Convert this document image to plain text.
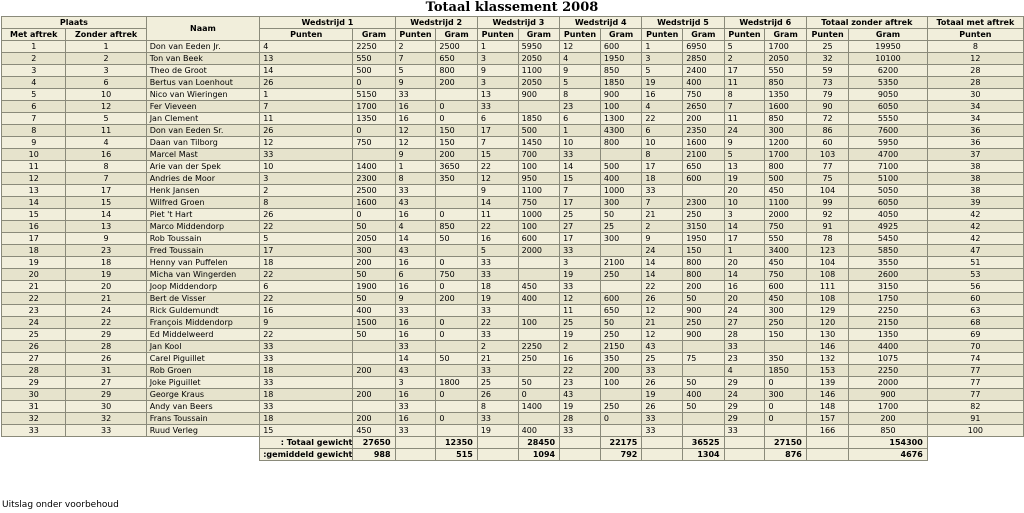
Totaal klassement 2008
Plaats		Naam	Wedstrijd 1		Wedstrijd 2		Wedstrijd 3		Wedstrijd 4		Wedstrijd 5		Wedstrijd 6		Totaal zonder aftrek		Totaal met aftrek
Met aftrek	Zonder aftrek		Punten	Gram	Punten	Gram	Punten	Gram	Punten	Gram	Punten	Gram	Punten	Gram	Punten	Gram	Punten
1	1	Don van Eeden Jr.	4	2250	2	2500	1	5950	12	600	1	6950	5	1700	25	19950	8
2	2	Ton van Beek	13	550	7	650	3	2050	4	1950	3	2850	2	2050	32	10100	12
3	3	Theo de Groot	14	500	5	800	9	1100	9	850	5	2400	17	550	59	6200	28
4	6	Bertus van Loenhout	26	0	9	200	3	2050	5	1850	19	400	11	850	73	5350	28
5	10	Nico van Wieringen	1	5150	33		13	900	8	900	16	750	8	1350	79	9050	30
6	12	Fer Vieveen	7	1700	16	0	33		23	100	4	2650	7	1600	90	6050	34
7	5	Jan Clement	11	1350	16	0	6	1850	6	1300	22	200	11	850	72	5550	34
8	11	Don van Eeden Sr.	26	0	12	150	17	500	1	4300	6	2350	24	300	86	7600	36
9	4	Daan van Tilborg	12	750	12	150	7	1450	10	800	10	1600	9	1200	60	5950	36
10	16	Marcel Mast	33		9	200	15	700	33		8	2100	5	1700	103	4700	37
11	8	Arie van der Spek	10	1400	1	3650	22	100	14	500	17	650	13	800	77	7100	38
12	7	Andries de Moor	3	2300	8	350	12	950	15	400	18	600	19	500	75	5100	38
13	17	Henk Jansen	2	2500	33		9	1100	7	1000	33		20	450	104	5050	38
14	15	Wilfred Groen	8	1600	43		14	750	17	300	7	2300	10	1100	99	6050	39
15	14	Piet 't Hart	26	0	16	0	11	1000	25	50	21	250	3	2000	92	4050	42
16	13	Marco Middendorp	22	50	4	850	22	100	27	25	2	3150	14	750	91	4925	42
17	9	Rob Toussain	5	2050	14	50	16	600	17	300	9	1950	17	550	78	5450	42
18	23	Fred Toussain	17	300	43		5	2000	33		24	150	1	3400	123	5850	47
19	18	Henny van Puffelen	18	200	16	0	33		3	2100	14	800	20	450	104	3550	51
20	19	Micha van Wingerden	22	50	6	750	33		19	250	14	800	14	750	108	2600	53
21	20	Joop Middendorp	6	1900	16	0	18	450	33		22	200	16	600	111	3150	56
22	21	Bert de Visser	22	50	9	200	19	400	12	600	26	50	20	450	108	1750	60
23	24	Rick Guldemundt	16	400	33		33		11	650	12	900	24	300	129	2250	63
24	22	François Middendorp	9	1500	16	0	22	100	25	50	21	250	27	250	120	2150	68
25	29	Ed Middelweerd	22	50	16	0	33		19	250	12	900	28	150	130	1350	69
26	28	Jan Kool	33		33		2	2250	2	2150	43		33		146	4400	70
27	26	Carel Piguillet	33		14	50	21	250	16	350	25	75	23	350	132	1075	74
28	31	Rob Groen	18	200	43		33		22	200	33		4	1850	153	2250	77
29	27	Joke Piguillet	33		3	1800	25	50	23	100	26	50	29	0	139	2000	77
30	29	George Kraus	18	200	16	0	26	0	43		19	400	24	300	146	900	77
31	30	Andy van Beers	33		33		8	1400	19	250	26	50	29	0	148	1700	82
32	32	Frans Toussain	18	200	16	0	33		28	0	33		29	0	157	200	91
33	33	Ruud Verleg	15	450	33		19	400	33		33		33		166	850	100
			Totaal gewicht :	27650		12350		28450		22175		36525		27150		154300	
			gemiddeld gewicht:	988		515		1094		792		1304		876		4676	
Uitslag onder voorbehoud
